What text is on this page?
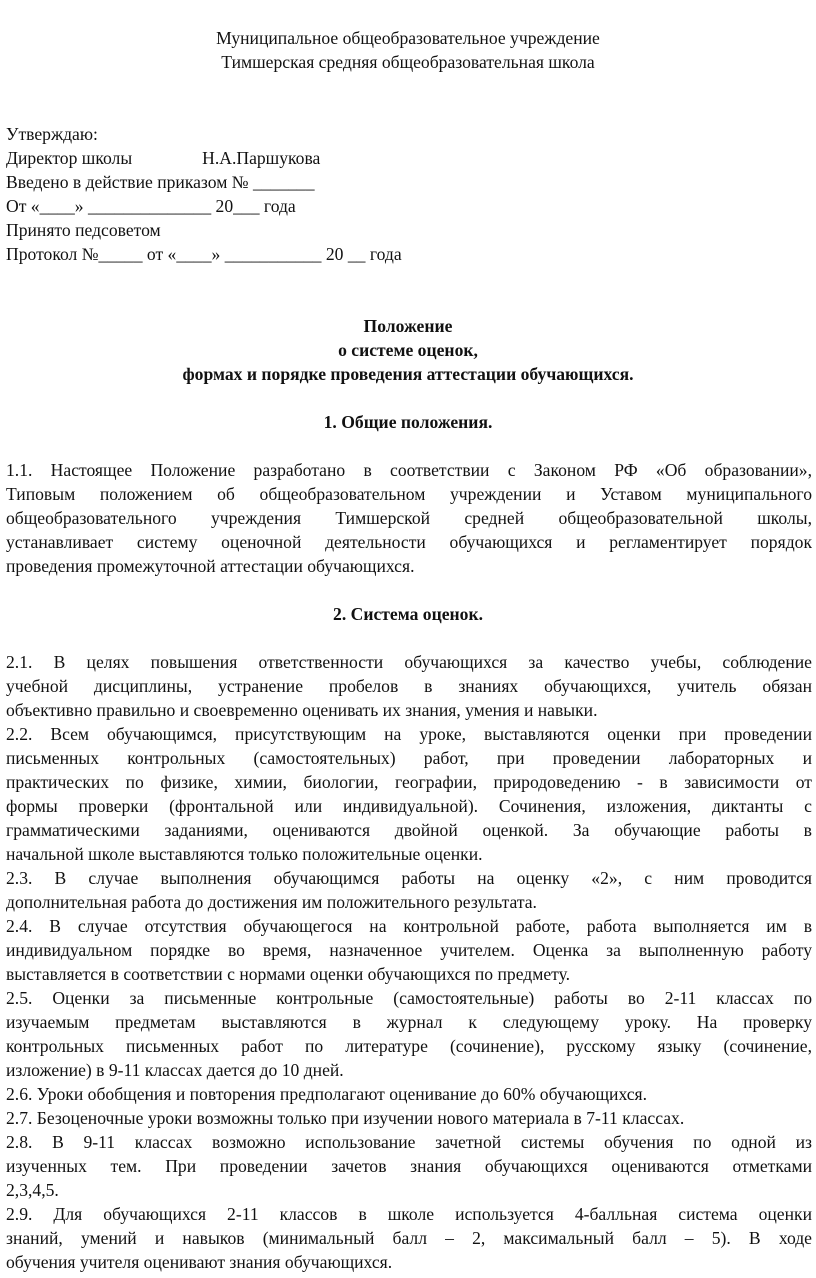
Муниципальное общеобразовательное учреждение
Тимшерская средняя общеобразовательная школа
Утверждаю:
Директор школы	Н.А.Паршукова
Введено в действие приказом № _______
От «____» ______________ 20___ года
Принято педсоветом
Протокол №_____ от «____» ___________ 20 __ года
Положение
о системе оценок,
формах и порядке проведения аттестации обучающихся.
1. Общие положения.
1.1. Настоящее Положение разработано в соответствии с Законом РФ «Об образовании»,
Типовым положением об общеобразовательном учреждении и Уставом муниципального
общеобразовательного учреждения Тимшерской средней общеобразовательной школы,
устанавливает систему оценочной деятельности обучающихся и регламентирует порядок
проведения промежуточной аттестации обучающихся.
2. Система оценок.
2.1. В целях повышения ответственности обучающихся за качество учебы, соблюдение
учебной дисциплины, устранение пробелов в знаниях обучающихся, учитель обязан
объективно правильно и своевременно оценивать их знания, умения и навыки.
2.2. Всем обучающимся, присутствующим на уроке, выставляются оценки при проведении
письменных контрольных (самостоятельных) работ, при проведении лабораторных и
практических по физике, химии, биологии, географии, природоведению - в зависимости от
формы проверки (фронтальной или индивидуальной). Сочинения, изложения, диктанты с
грамматическими заданиями, оцениваются двойной оценкой. За обучающие работы в
начальной школе выставляются только положительные оценки.
2.3. В случае выполнения обучающимся работы на оценку «2», с ним проводится
дополнительная работа до достижения им положительного результата.
2.4. В случае отсутствия обучающегося на контрольной работе, работа выполняется им в
индивидуальном порядке во время, назначенное учителем. Оценка за выполненную работу
выставляется в соответствии с нормами оценки обучающихся по предмету.
2.5. Оценки за письменные контрольные (самостоятельные) работы во 2-11 классах по
изучаемым предметам выставляются в журнал к следующему уроку. На проверку
контрольных письменных работ по литературе (сочинение), русскому языку (сочинение,
изложение) в 9-11 классах дается до 10 дней.
2.6. Уроки обобщения и повторения предполагают оценивание до 60% обучающихся.
2.7. Безоценочные уроки возможны только при изучении нового материала в 7-11 классах.
2.8. В 9-11 классах возможно использование зачетной системы обучения по одной из
изученных тем. При проведении зачетов знания обучающихся оцениваются отметками
2,3,4,5.
2.9. Для обучающихся 2-11 классов в школе используется 4-балльная система оценки
знаний, умений и навыков (минимальный балл – 2, максимальный балл – 5). В ходе
обучения учителя оценивают знания обучающихся.
